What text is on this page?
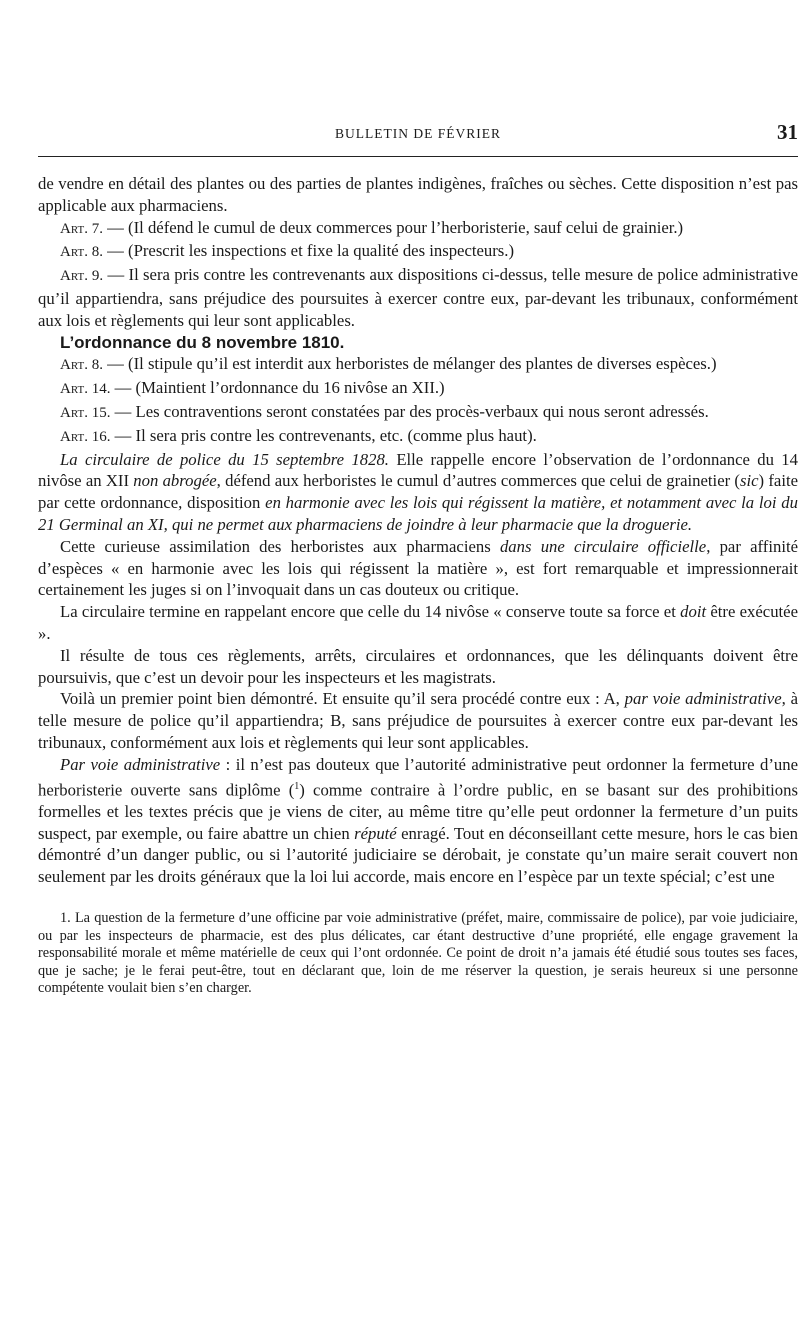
BULLETIN DE FÉVRIER	31

de vendre en détail des plantes ou des parties de plantes indigènes, fraîches ou sèches. Cette disposition n’est pas applicable aux pharmaciens.

Art. 7. — (Il défend le cumul de deux commerces pour l’herboristerie, sauf celui de grainier.)

Art. 8. — (Prescrit les inspections et fixe la qualité des inspecteurs.)

Art. 9. — Il sera pris contre les contrevenants aux dispositions ci-dessus, telle mesure de police administrative qu’il appartiendra, sans préjudice des poursuites à exercer contre eux, par-devant les tribunaux, conformément aux lois et règlements qui leur sont applicables.

L’ordonnance du 8 novembre 1810.

Art. 8. — (Il stipule qu’il est interdit aux herboristes de mélanger des plantes de diverses espèces.)

Art. 14. — (Maintient l’ordonnance du 16 nivôse an XII.)

Art. 15. — Les contraventions seront constatées par des procès-verbaux qui nous seront adressés.

Art. 16. — Il sera pris contre les contrevenants, etc. (comme plus haut).

La circulaire de police du 15 septembre 1828. Elle rappelle encore l’observation de l’ordonnance du 14 nivôse an XII non abrogée, défend aux herboristes le cumul d’autres commerces que celui de grainetier (sic) faite par cette ordonnance, disposition en harmonie avec les lois qui régissent la matière, et notamment avec la loi du 21 Germinal an XI, qui ne permet aux pharmaciens de joindre à leur pharmacie que la droguerie.

Cette curieuse assimilation des herboristes aux pharmaciens dans une circulaire officielle, par affinité d’espèces « en harmonie avec les lois qui régissent la matière », est fort remarquable et impressionnerait certainement les juges si on l’invoquait dans un cas douteux ou critique.

La circulaire termine en rappelant encore que celle du 14 nivôse « conserve toute sa force et doit être exécutée ».

Il résulte de tous ces règlements, arrêts, circulaires et ordonnances, que les délinquants doivent être poursuivis, que c’est un devoir pour les inspecteurs et les magistrats.

Voilà un premier point bien démontré. Et ensuite qu’il sera procédé contre eux : A, par voie administrative, à telle mesure de police qu’il appartiendra; B, sans préjudice de poursuites à exercer contre eux par-devant les tribunaux, conformément aux lois et règlements qui leur sont applicables.

Par voie administrative : il n’est pas douteux que l’autorité administrative peut ordonner la fermeture d’une herboristerie ouverte sans diplôme ($^1$) comme contraire à l’ordre public, en se basant sur des prohibitions formelles et les textes précis que je viens de citer, au même titre qu’elle peut ordonner la fermeture d’un puits suspect, par exemple, ou faire abattre un chien réputé enragé. Tout en déconseillant cette mesure, hors le cas bien démontré d’un danger public, ou si l’autorité judiciaire se dérobait, je constate qu’un maire serait couvert non seulement par les droits généraux que la loi lui accorde, mais encore en l’espèce par un texte spécial; c’est une

1. La question de la fermeture d’une officine par voie administrative (préfet, maire, commissaire de police), par voie judiciaire, ou par les inspecteurs de pharmacie, est des plus délicates, car étant destructive d’une propriété, elle engage gravement la responsabilité morale et même matérielle de ceux qui l’ont ordonnée. Ce point de droit n’a jamais été étudié sous toutes ses faces, que je sache; je le ferai peut-être, tout en déclarant que, loin de me réserver la question, je serais heureux si une personne compétente voulait bien s’en charger.
